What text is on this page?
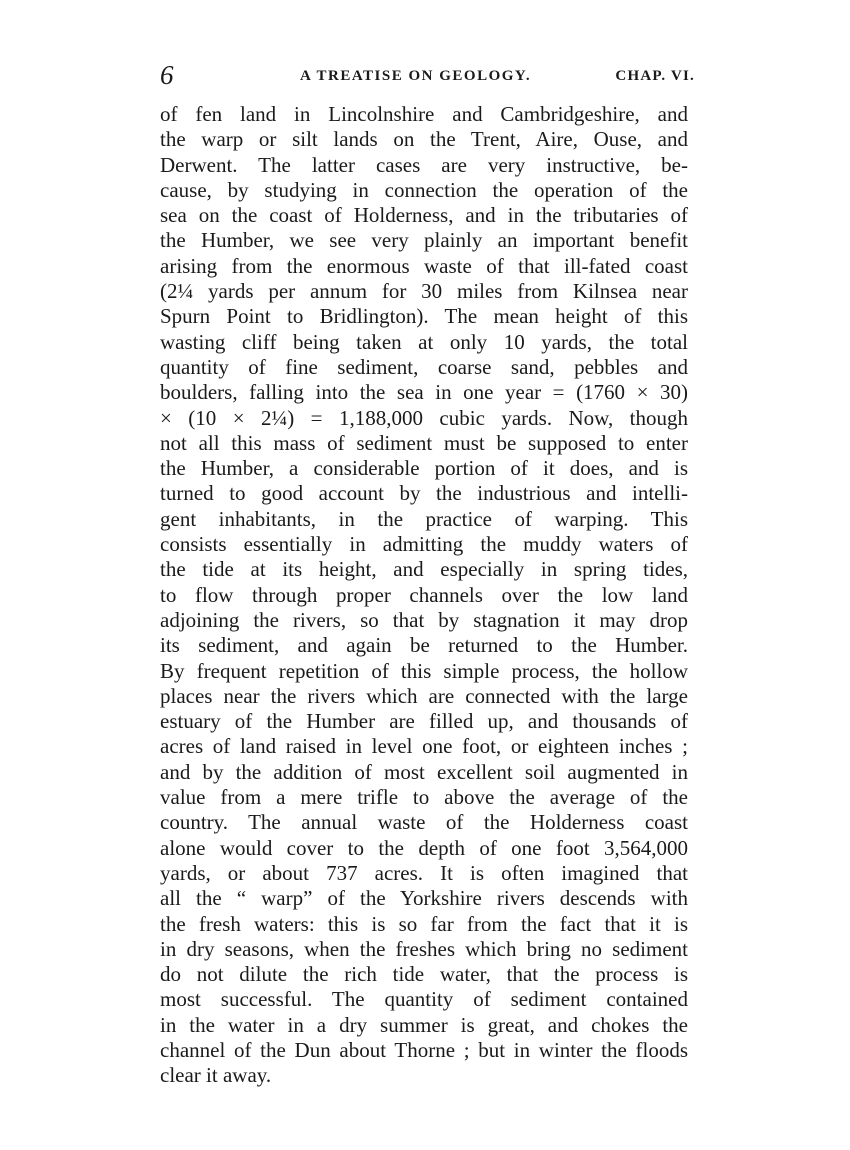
6	A TREATISE ON GEOLOGY.	CHAP. VI.
of fen land in Lincolnshire and Cambridgeshire, and
the warp or silt lands on the Trent, Aire, Ouse, and
Derwent. The latter cases are very instructive, be-
cause, by studying in connection the operation of the
sea on the coast of Holderness, and in the tributaries of
the Humber, we see very plainly an important benefit
arising from the enormous waste of that ill-fated coast
(2¼ yards per annum for 30 miles from Kilnsea near
Spurn Point to Bridlington). The mean height of this
wasting cliff being taken at only 10 yards, the total
quantity of fine sediment, coarse sand, pebbles and
boulders, falling into the sea in one year = (1760 × 30)
× (10 × 2¼) = 1,188,000 cubic yards. Now, though
not all this mass of sediment must be supposed to enter
the Humber, a considerable portion of it does, and is
turned to good account by the industrious and intelli-
gent inhabitants, in the practice of warping. This
consists essentially in admitting the muddy waters of
the tide at its height, and especially in spring tides,
to flow through proper channels over the low land
adjoining the rivers, so that by stagnation it may drop
its sediment, and again be returned to the Humber.
By frequent repetition of this simple process, the hollow
places near the rivers which are connected with the large
estuary of the Humber are filled up, and thousands of
acres of land raised in level one foot, or eighteen inches ;
and by the addition of most excellent soil augmented in
value from a mere trifle to above the average of the
country. The annual waste of the Holderness coast
alone would cover to the depth of one foot 3,564,000
yards, or about 737 acres. It is often imagined that
all the “ warp” of the Yorkshire rivers descends with
the fresh waters: this is so far from the fact that it is
in dry seasons, when the freshes which bring no sediment
do not dilute the rich tide water, that the process is
most successful. The quantity of sediment contained
in the water in a dry summer is great, and chokes the
channel of the Dun about Thorne ; but in winter the floods
clear it away.
